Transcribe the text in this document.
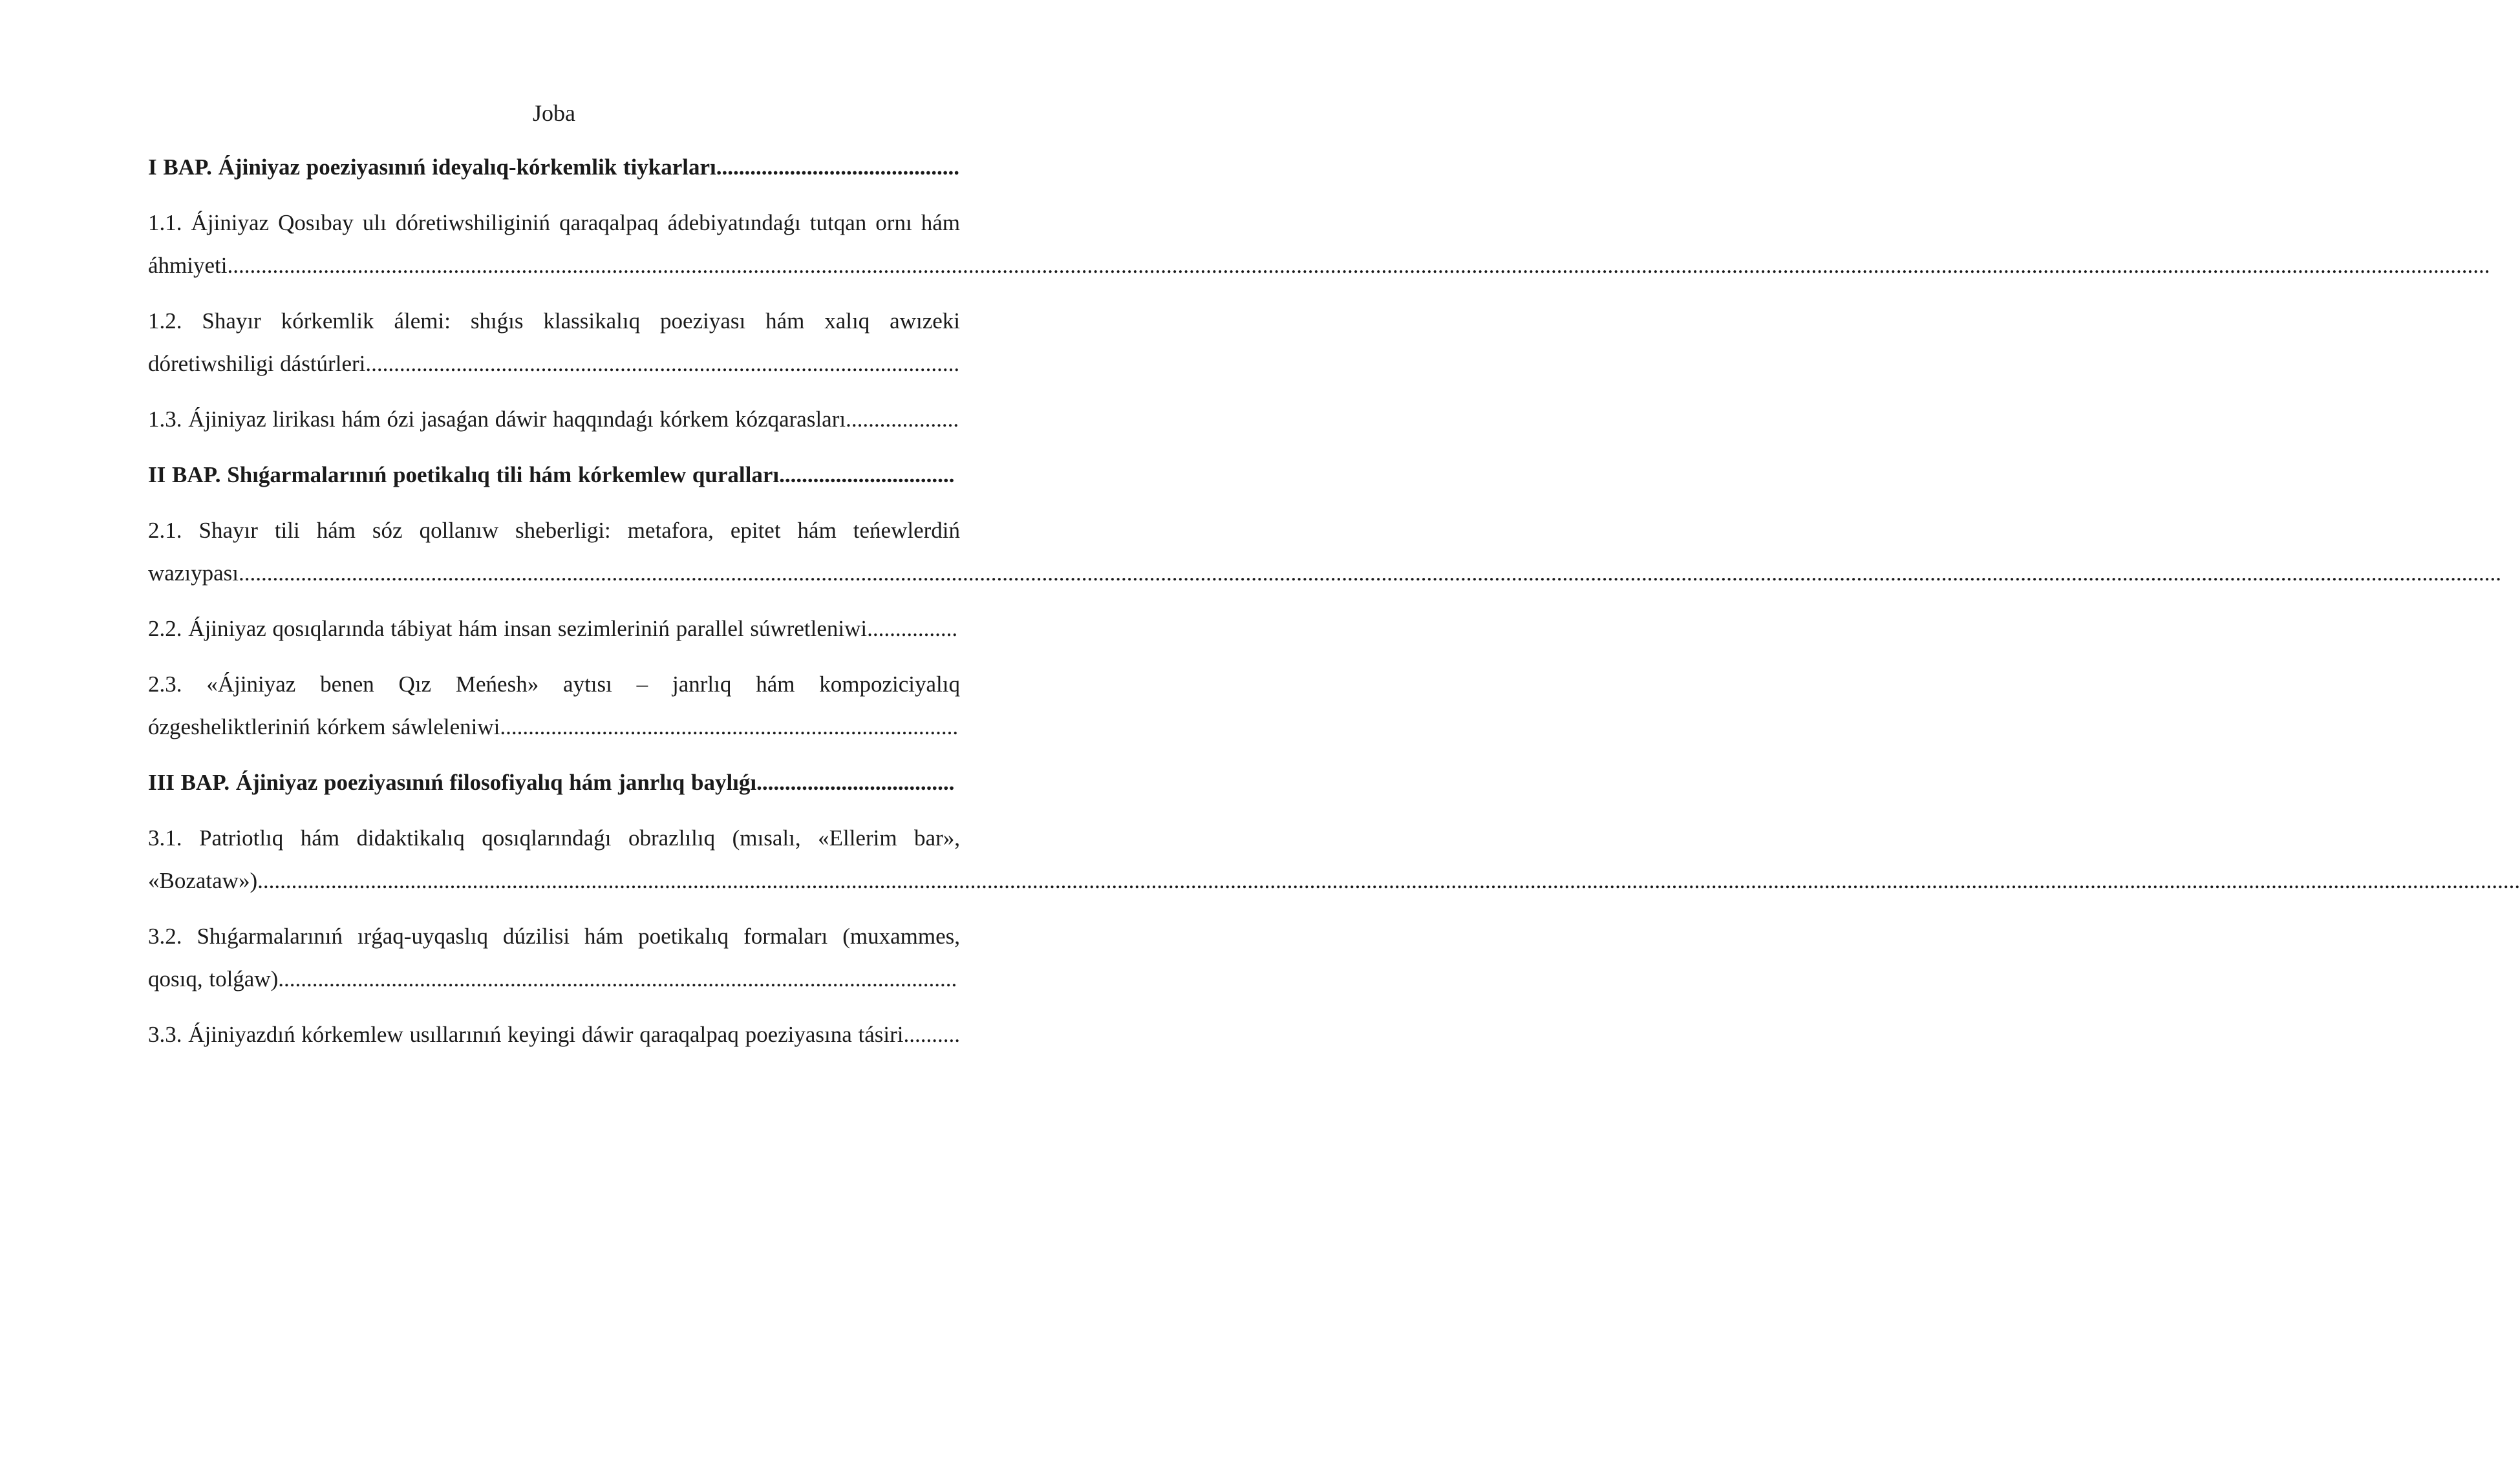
Joba

I BAP. Ájiniyaz poeziyasınıń ideyalıq-kórkemlik tiykarları...........................................

1.1. Ájiniyaz Qosıbay ulı dóretiwshiliginiń qaraqalpaq ádebiyatındaǵı tutqan ornı hám áhmiyeti................................................................................................................................................................................................................................................................................................................................................................................................................

1.2. Shayır kórkemlik álemi: shıǵıs klassikalıq poeziyası hám xalıq awızeki dóretiwshiligi dástúrleri.........................................................................................................

1.3. Ájiniyaz lirikası hám ózi jasaǵan dáwir haqqındaǵı kórkem kózqarasları....................

II BAP. Shıǵarmalarınıń poetikalıq tili hám kórkemlew quralları...............................

2.1. Shayır tili hám sóz qollanıw sheberligi: metafora, epitet hám teńewlerdiń wazıypası................................................................................................................................................................................................................................................................................................................................................................................................................

2.2. Ájiniyaz qosıqlarında tábiyat hám insan sezimleriniń parallel súwretleniwi................

2.3. «Ájiniyaz benen Qız Meńesh» aytısı – janrlıq hám kompoziciyalıq ózgesheliktleriniń kórkem sáwleleniwi.................................................................................

III BAP. Ájiniyaz poeziyasınıń filosofiyalıq hám janrlıq baylıǵı...................................

3.1. Patriotlıq hám didaktikalıq qosıqlarındaǵı obrazlılıq (mısalı, «Ellerim bar», «Bozataw»)................................................................................................................................................................................................................................................................................................................................................................................................................

3.2. Shıǵarmalarınıń ırǵaq-uyqaslıq dúzilisi hám poetikalıq formaları (muxammes, qosıq, tolǵaw)........................................................................................................................

3.3. Ájiniyazdıń kórkemlew usıllarınıń keyingi dáwir qaraqalpaq poeziyasına tásiri..........
